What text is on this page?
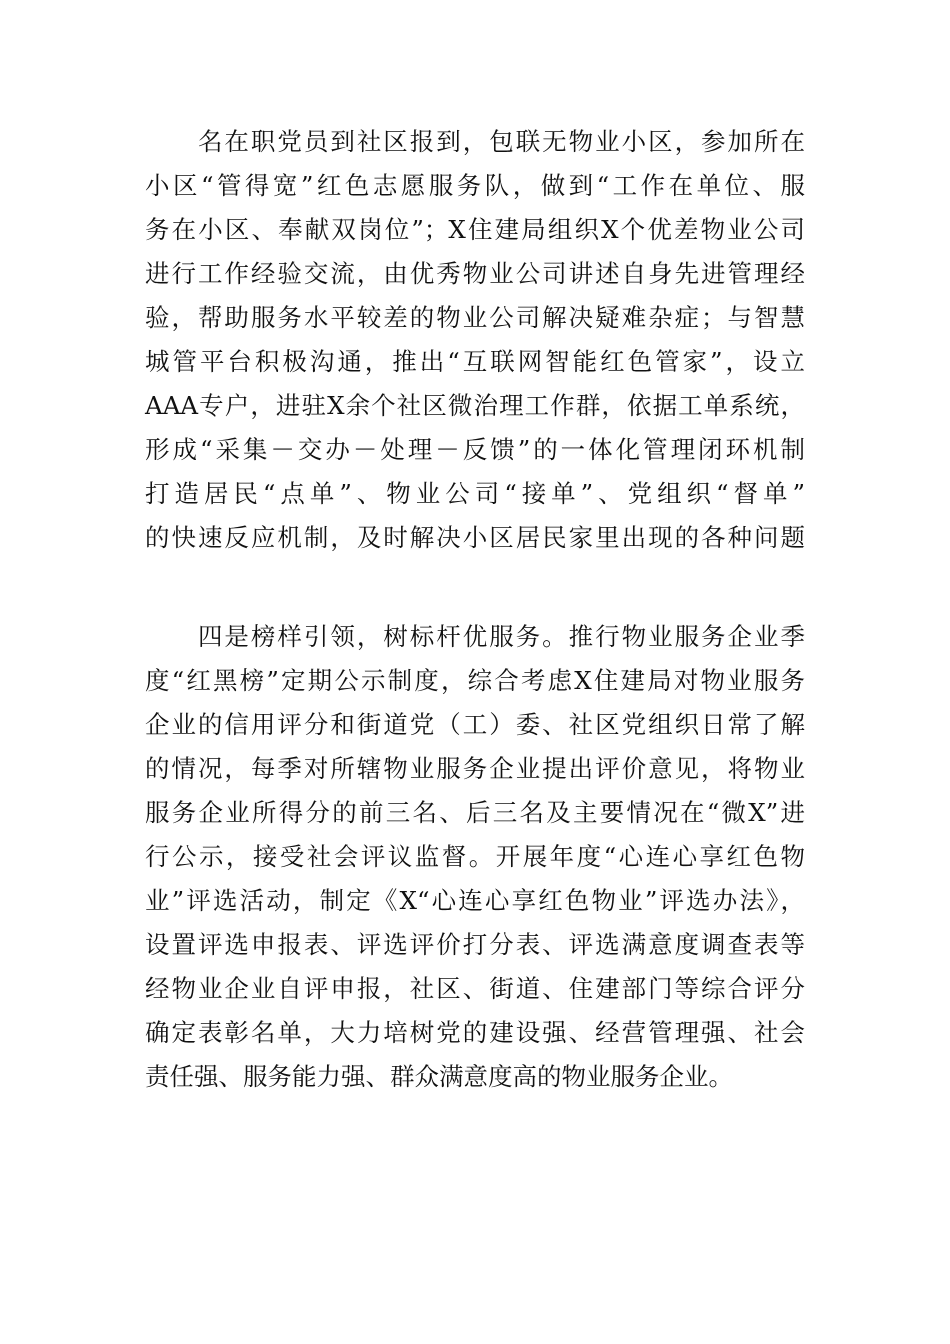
　　名在职党员到社区报到，包联无物业小区，参加所在
小区“管得宽”红色志愿服务队，做到“工作在单位、服
务在小区、奉献双岗位”；X住建局组织X个优差物业公司
进行工作经验交流，由优秀物业公司讲述自身先进管理经
验，帮助服务水平较差的物业公司解决疑难杂症；与智慧
城管平台积极沟通，推出“互联网智能红色管家”，设立
AAA专户，进驻X余个社区微治理工作群，依据工单系统，
形成“采集－交办－处理－反馈”的一体化管理闭环机制
打造居民“点单”、物业公司“接单”、党组织“督单”
的快速反应机制，及时解决小区居民家里出现的各种问题
　　四是榜样引领，树标杆优服务。推行物业服务企业季
度“红黑榜”定期公示制度，综合考虑X住建局对物业服务
企业的信用评分和街道党（工）委、社区党组织日常了解
的情况，每季对所辖物业服务企业提出评价意见，将物业
服务企业所得分的前三名、后三名及主要情况在“微X”进
行公示，接受社会评议监督。开展年度“心连心享红色物
业”评选活动，制定《X“心连心享红色物业”评选办法》，
设置评选申报表、评选评价打分表、评选满意度调查表等
经物业企业自评申报，社区、街道、住建部门等综合评分
确定表彰名单，大力培树党的建设强、经营管理强、社会
责任强、服务能力强、群众满意度高的物业服务企业。
